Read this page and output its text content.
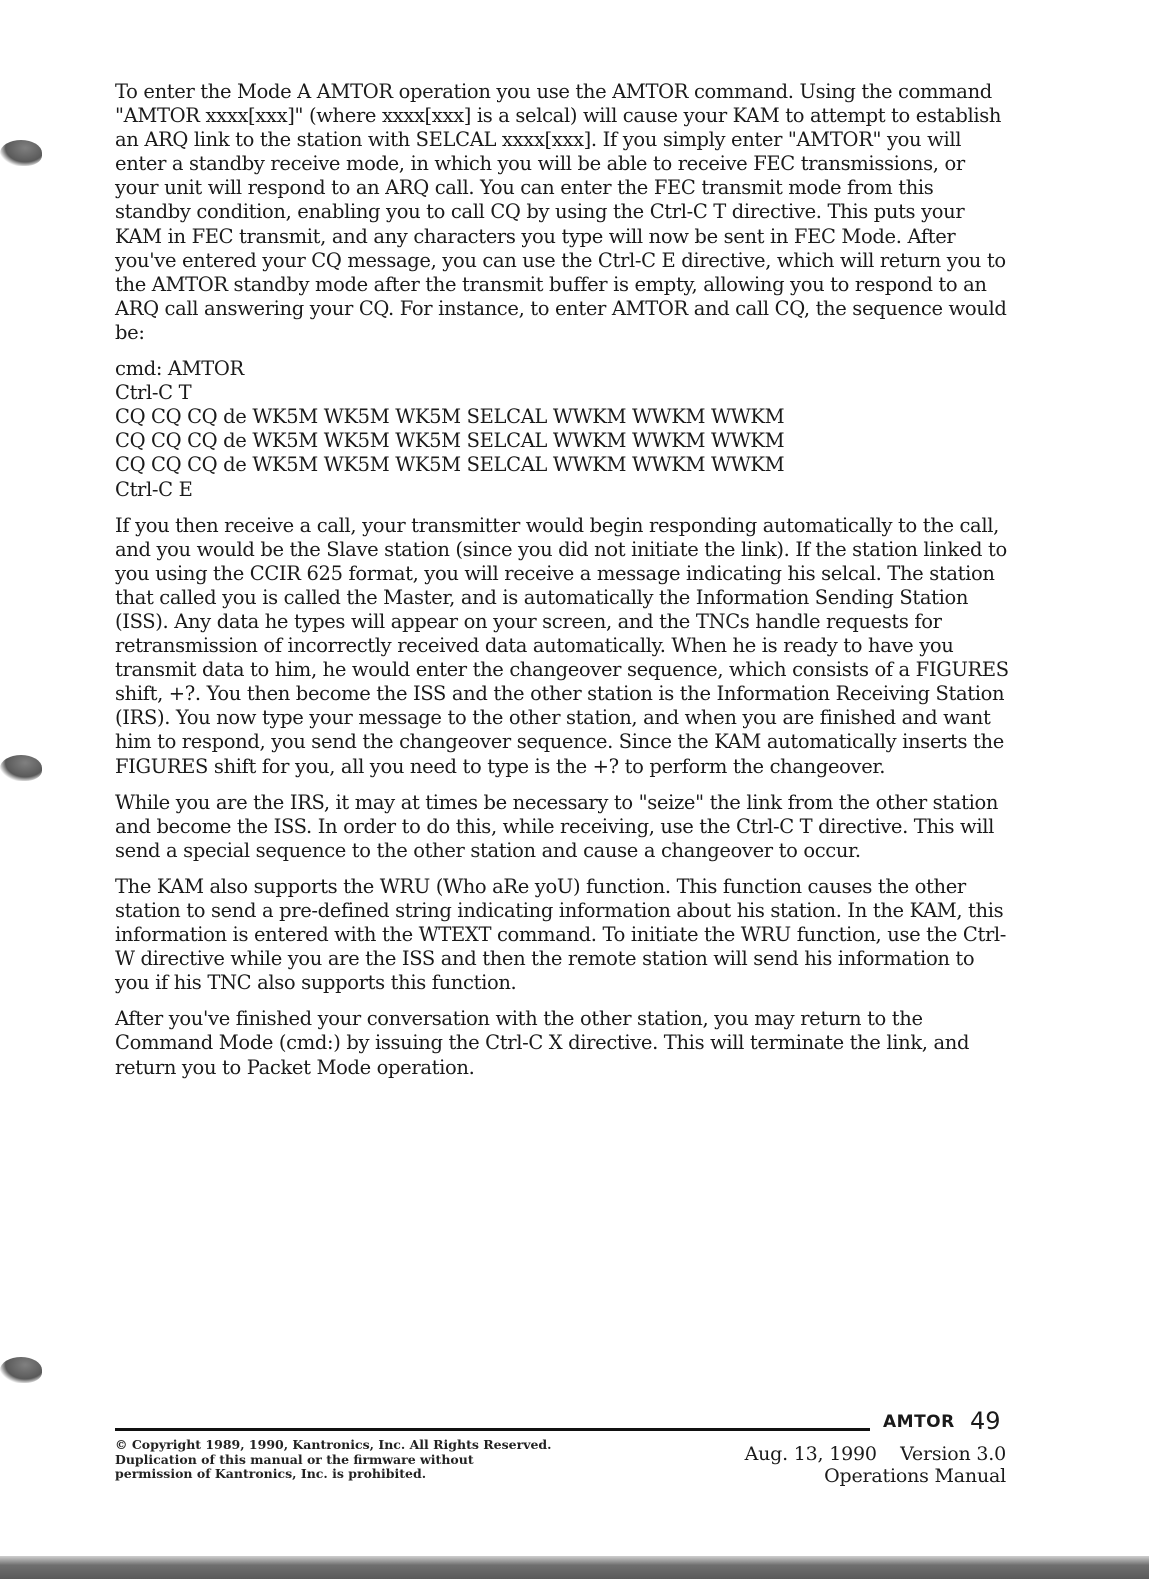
To enter the Mode A AMTOR operation you use the AMTOR command. Using the command "AMTOR xxxx[xxx]" (where xxxx[xxx] is a selcal) will cause your KAM to attempt to establish an ARQ link to the station with SELCAL xxxx[xxx]. If you simply enter "AMTOR" you will enter a standby receive mode, in which you will be able to receive FEC transmissions, or your unit will respond to an ARQ call. You can enter the FEC transmit mode from this standby condition, enabling you to call CQ by using the Ctrl-C T directive. This puts your KAM in FEC transmit, and any characters you type will now be sent in FEC Mode. After you've entered your CQ message, you can use the Ctrl-C E directive, which will return you to the AMTOR standby mode after the transmit buffer is empty, allowing you to respond to an ARQ call answering your CQ. For instance, to enter AMTOR and call CQ, the sequence would be:

cmd: AMTOR
Ctrl-C T
CQ CQ CQ de WK5M WK5M WK5M SELCAL WWKM WWKM WWKM
CQ CQ CQ de WK5M WK5M WK5M SELCAL WWKM WWKM WWKM
CQ CQ CQ de WK5M WK5M WK5M SELCAL WWKM WWKM WWKM
Ctrl-C E

If you then receive a call, your transmitter would begin responding automatically to the call, and you would be the Slave station (since you did not initiate the link). If the station linked to you using the CCIR 625 format, you will receive a message indicating his selcal. The station that called you is called the Master, and is automatically the Information Sending Station (ISS). Any data he types will appear on your screen, and the TNCs handle requests for retransmission of incorrectly received data automatically. When he is ready to have you transmit data to him, he would enter the changeover sequence, which consists of a FIGURES shift, +?. You then become the ISS and the other station is the Information Receiving Station (IRS). You now type your message to the other station, and when you are finished and want him to respond, you send the changeover sequence. Since the KAM automatically inserts the FIGURES shift for you, all you need to type is the +? to perform the changeover.

While you are the IRS, it may at times be necessary to "seize" the link from the other station and become the ISS. In order to do this, while receiving, use the Ctrl-C T directive. This will send a special sequence to the other station and cause a changeover to occur.

The KAM also supports the WRU (Who aRe yoU) function. This function causes the other station to send a pre-defined string indicating information about his station. In the KAM, this information is entered with the WTEXT command. To initiate the WRU function, use the Ctrl-W directive while you are the ISS and then the remote station will send his information to you if his TNC also supports this function.

After you've finished your conversation with the other station, you may return to the Command Mode (cmd:) by issuing the Ctrl-C X directive. This will terminate the link, and return you to Packet Mode operation.

AMTOR 49
© Copyright 1989, 1990, Kantronics, Inc. All Rights Reserved.
Duplication of this manual or the firmware without
permission of Kantronics, Inc. is prohibited.
Aug. 13, 1990    Version 3.0
Operations Manual
